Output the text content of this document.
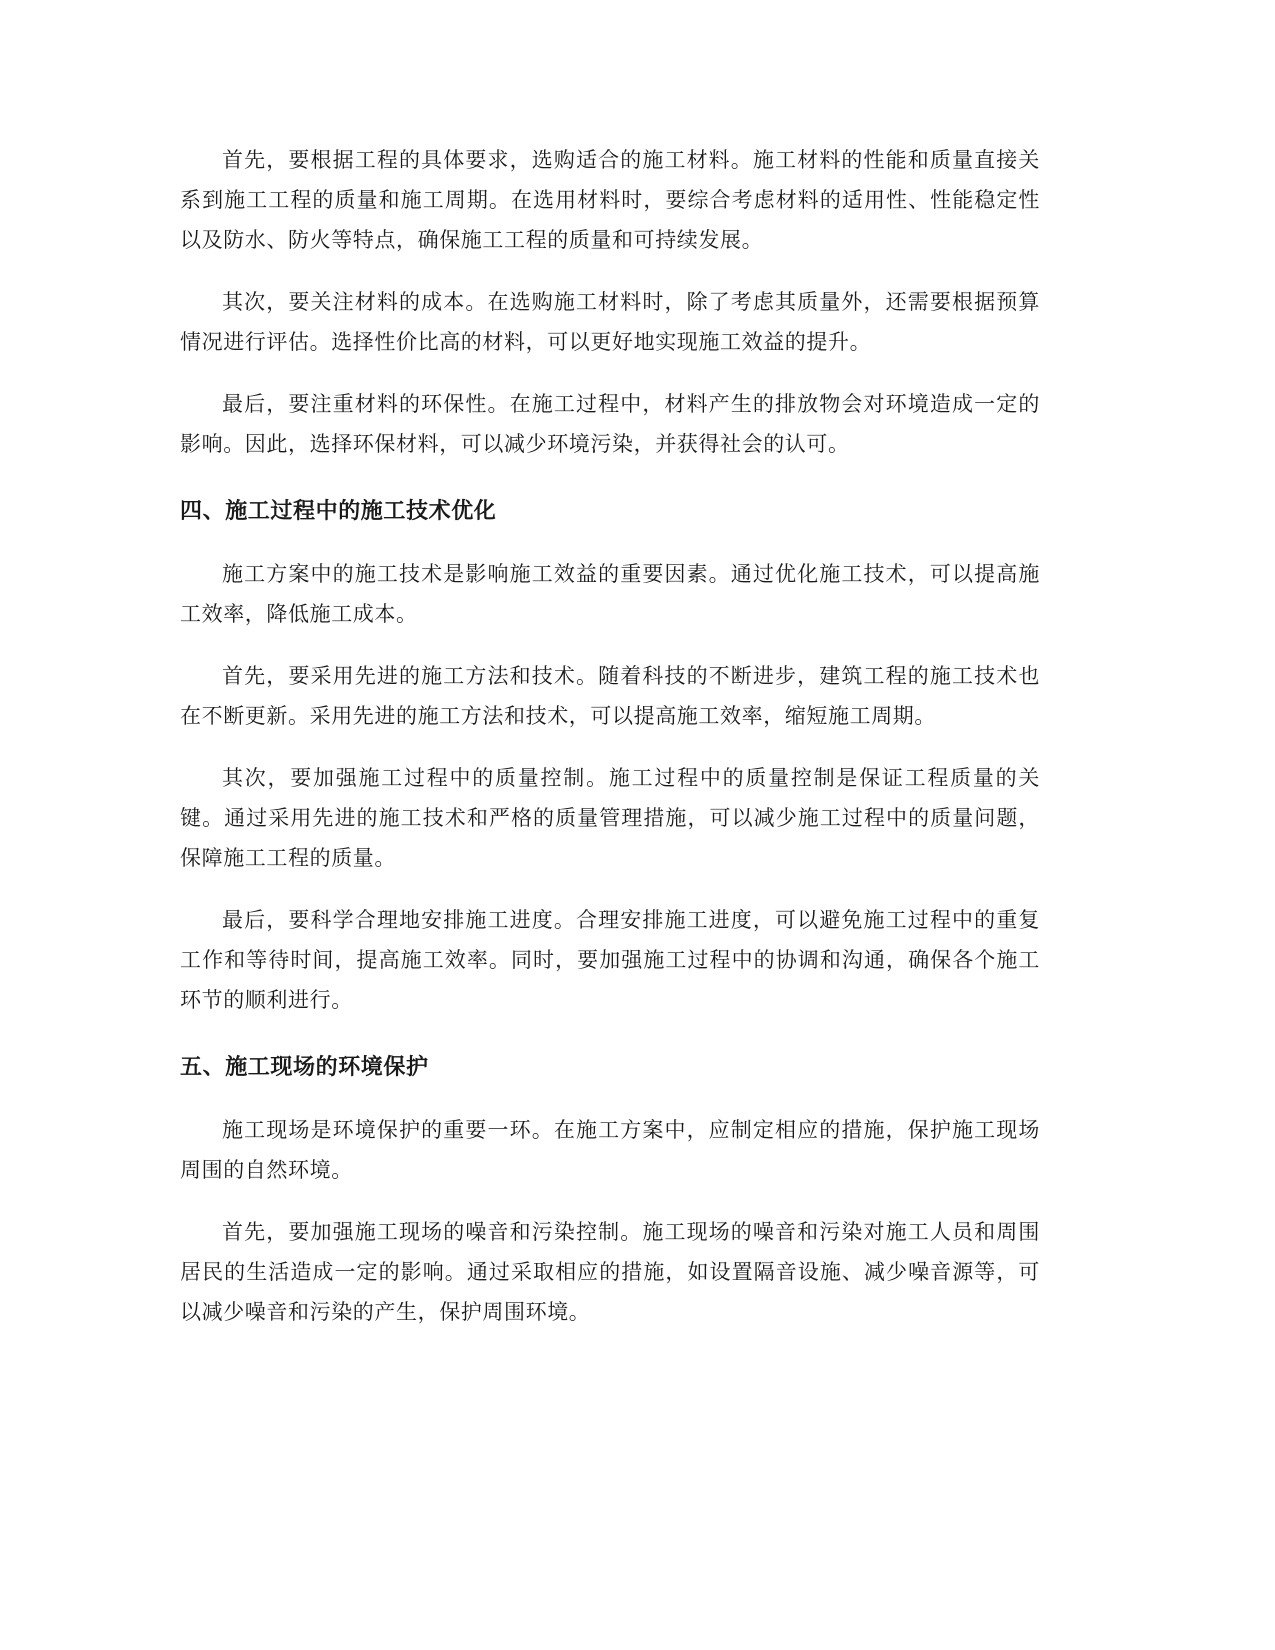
首先，要根据工程的具体要求，选购适合的施工材料。施工材料的性能和质量直接关系到施工工程的质量和施工周期。在选用材料时，要综合考虑材料的适用性、性能稳定性以及防水、防火等特点，确保施工工程的质量和可持续发展。

其次，要关注材料的成本。在选购施工材料时，除了考虑其质量外，还需要根据预算情况进行评估。选择性价比高的材料，可以更好地实现施工效益的提升。

最后，要注重材料的环保性。在施工过程中，材料产生的排放物会对环境造成一定的影响。因此，选择环保材料，可以减少环境污染，并获得社会的认可。

四、施工过程中的施工技术优化

施工方案中的施工技术是影响施工效益的重要因素。通过优化施工技术，可以提高施工效率，降低施工成本。

首先，要采用先进的施工方法和技术。随着科技的不断进步，建筑工程的施工技术也在不断更新。采用先进的施工方法和技术，可以提高施工效率，缩短施工周期。

其次，要加强施工过程中的质量控制。施工过程中的质量控制是保证工程质量的关键。通过采用先进的施工技术和严格的质量管理措施，可以减少施工过程中的质量问题，保障施工工程的质量。

最后，要科学合理地安排施工进度。合理安排施工进度，可以避免施工过程中的重复工作和等待时间，提高施工效率。同时，要加强施工过程中的协调和沟通，确保各个施工环节的顺利进行。

五、施工现场的环境保护

施工现场是环境保护的重要一环。在施工方案中，应制定相应的措施，保护施工现场周围的自然环境。

首先，要加强施工现场的噪音和污染控制。施工现场的噪音和污染对施工人员和周围居民的生活造成一定的影响。通过采取相应的措施，如设置隔音设施、减少噪音源等，可以减少噪音和污染的产生，保护周围环境。
